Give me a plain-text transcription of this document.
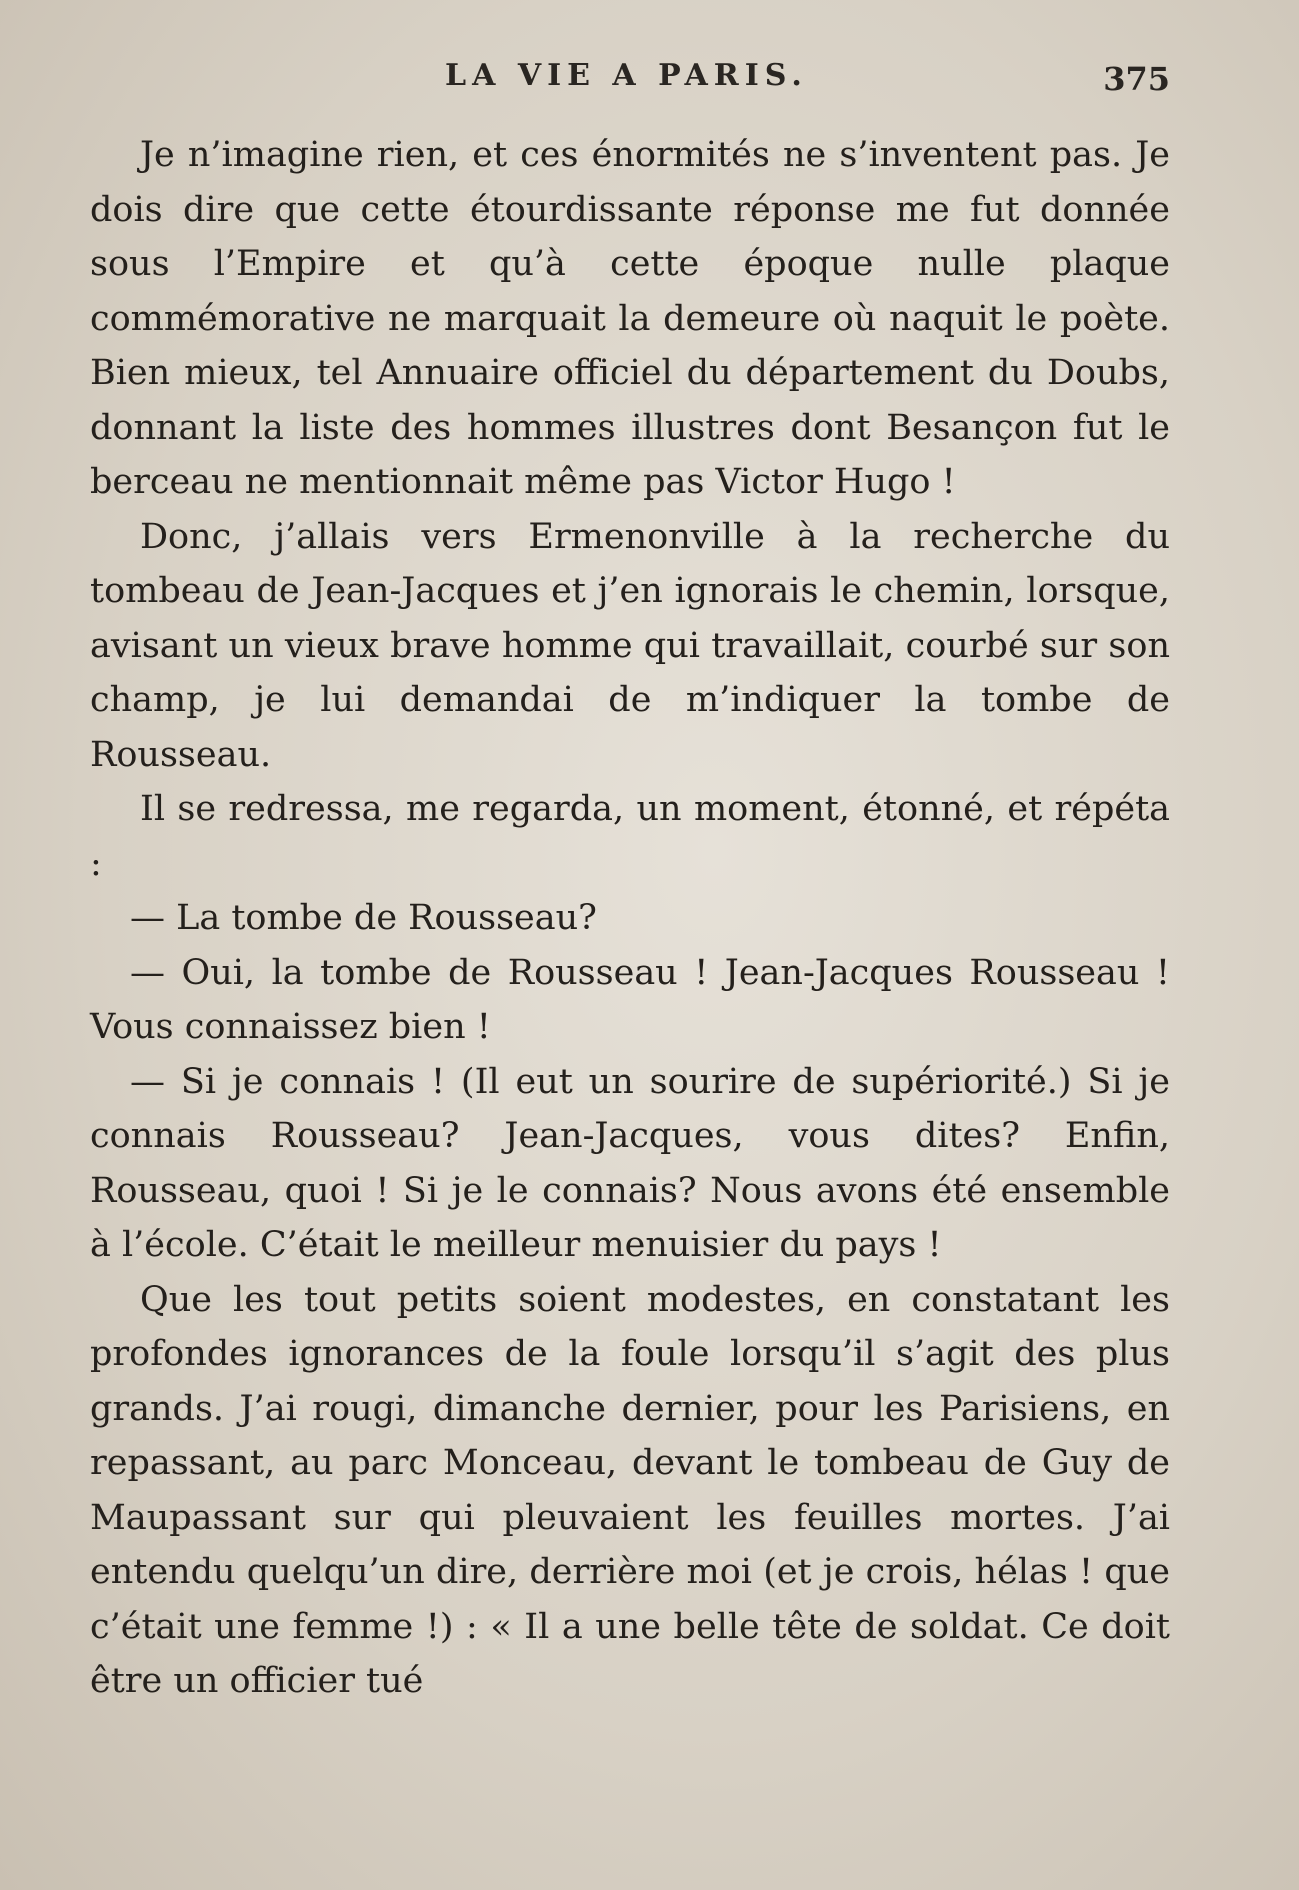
LA VIE A PARIS.	375

Je n’imagine rien, et ces énormités ne s’inventent pas. Je dois dire que cette étourdissante réponse me fut donnée sous l’Empire et qu’à cette époque nulle plaque commémorative ne marquait la demeure où naquit le poète. Bien mieux, tel Annuaire officiel du département du Doubs, donnant la liste des hommes illustres dont Besançon fut le berceau ne mentionnait même pas Victor Hugo !

Donc, j’allais vers Ermenonville à la recherche du tombeau de Jean-Jacques et j’en ignorais le chemin, lorsque, avisant un vieux brave homme qui travaillait, courbé sur son champ, je lui demandai de m’indiquer la tombe de Rousseau.

Il se redressa, me regarda, un moment, étonné, et répéta :

— La tombe de Rousseau?

— Oui, la tombe de Rousseau ! Jean-Jacques Rousseau ! Vous connaissez bien !

— Si je connais ! (Il eut un sourire de supériorité.) Si je connais Rousseau? Jean-Jacques, vous dites? Enfin, Rousseau, quoi ! Si je le connais? Nous avons été ensemble à l’école. C’était le meilleur menuisier du pays !

Que les tout petits soient modestes, en constatant les profondes ignorances de la foule lorsqu’il s’agit des plus grands. J’ai rougi, dimanche dernier, pour les Parisiens, en repassant, au parc Monceau, devant le tombeau de Guy de Maupassant sur qui pleuvaient les feuilles mortes. J’ai entendu quelqu’un dire, derrière moi (et je crois, hélas ! que c’était une femme !) : « Il a une belle tête de soldat. Ce doit être un officier tué
